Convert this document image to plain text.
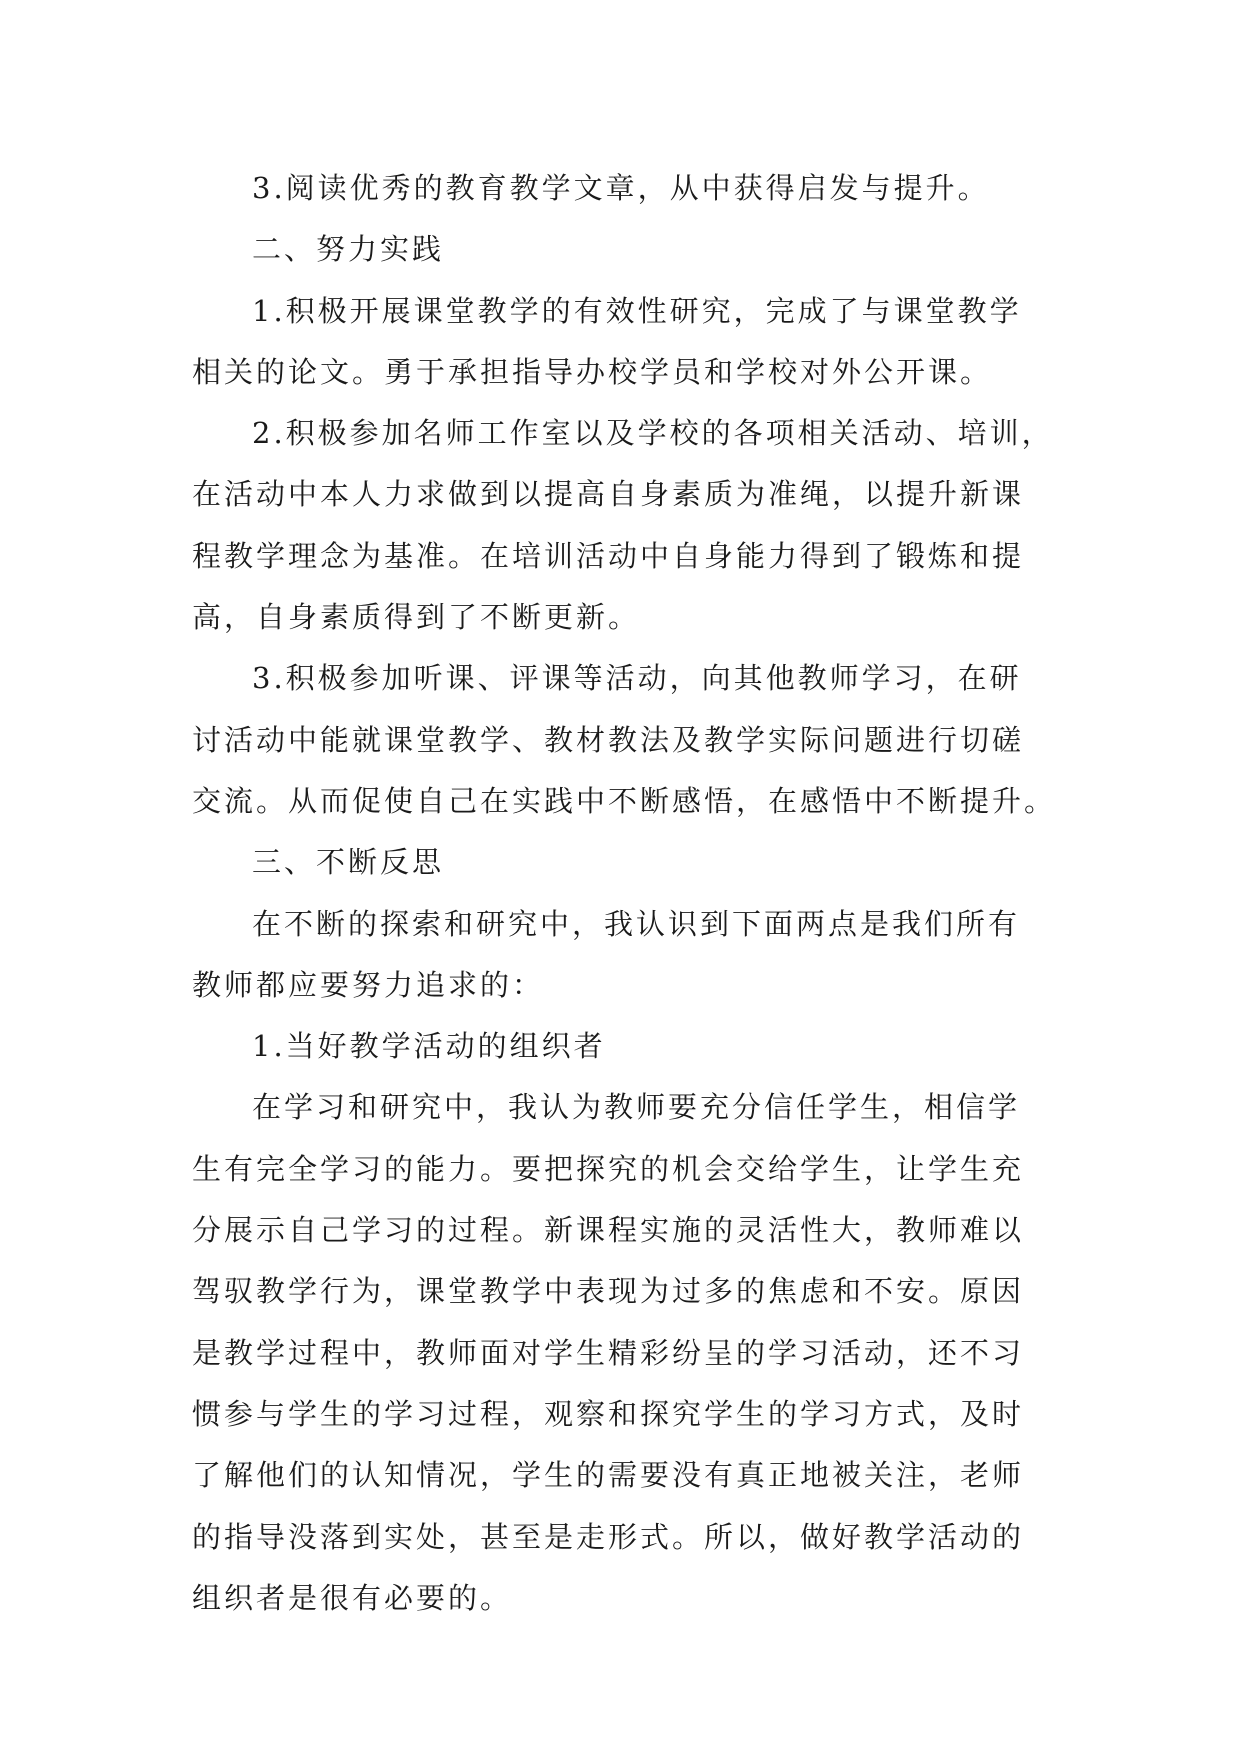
3.阅读优秀的教育教学文章，从中获得启发与提升。
二、努力实践
1.积极开展课堂教学的有效性研究，完成了与课堂教学
相关的论文。勇于承担指导办校学员和学校对外公开课。
2.积极参加名师工作室以及学校的各项相关活动、培训，
在活动中本人力求做到以提高自身素质为准绳，以提升新课
程教学理念为基准。在培训活动中自身能力得到了锻炼和提
高，自身素质得到了不断更新。
3.积极参加听课、评课等活动，向其他教师学习，在研
讨活动中能就课堂教学、教材教法及教学实际问题进行切磋
交流。从而促使自己在实践中不断感悟，在感悟中不断提升。
三、不断反思
在不断的探索和研究中，我认识到下面两点是我们所有
教师都应要努力追求的：
1.当好教学活动的组织者
在学习和研究中，我认为教师要充分信任学生，相信学
生有完全学习的能力。要把探究的机会交给学生，让学生充
分展示自己学习的过程。新课程实施的灵活性大，教师难以
驾驭教学行为，课堂教学中表现为过多的焦虑和不安。原因
是教学过程中，教师面对学生精彩纷呈的学习活动，还不习
惯参与学生的学习过程，观察和探究学生的学习方式，及时
了解他们的认知情况，学生的需要没有真正地被关注，老师
的指导没落到实处，甚至是走形式。所以，做好教学活动的
组织者是很有必要的。
